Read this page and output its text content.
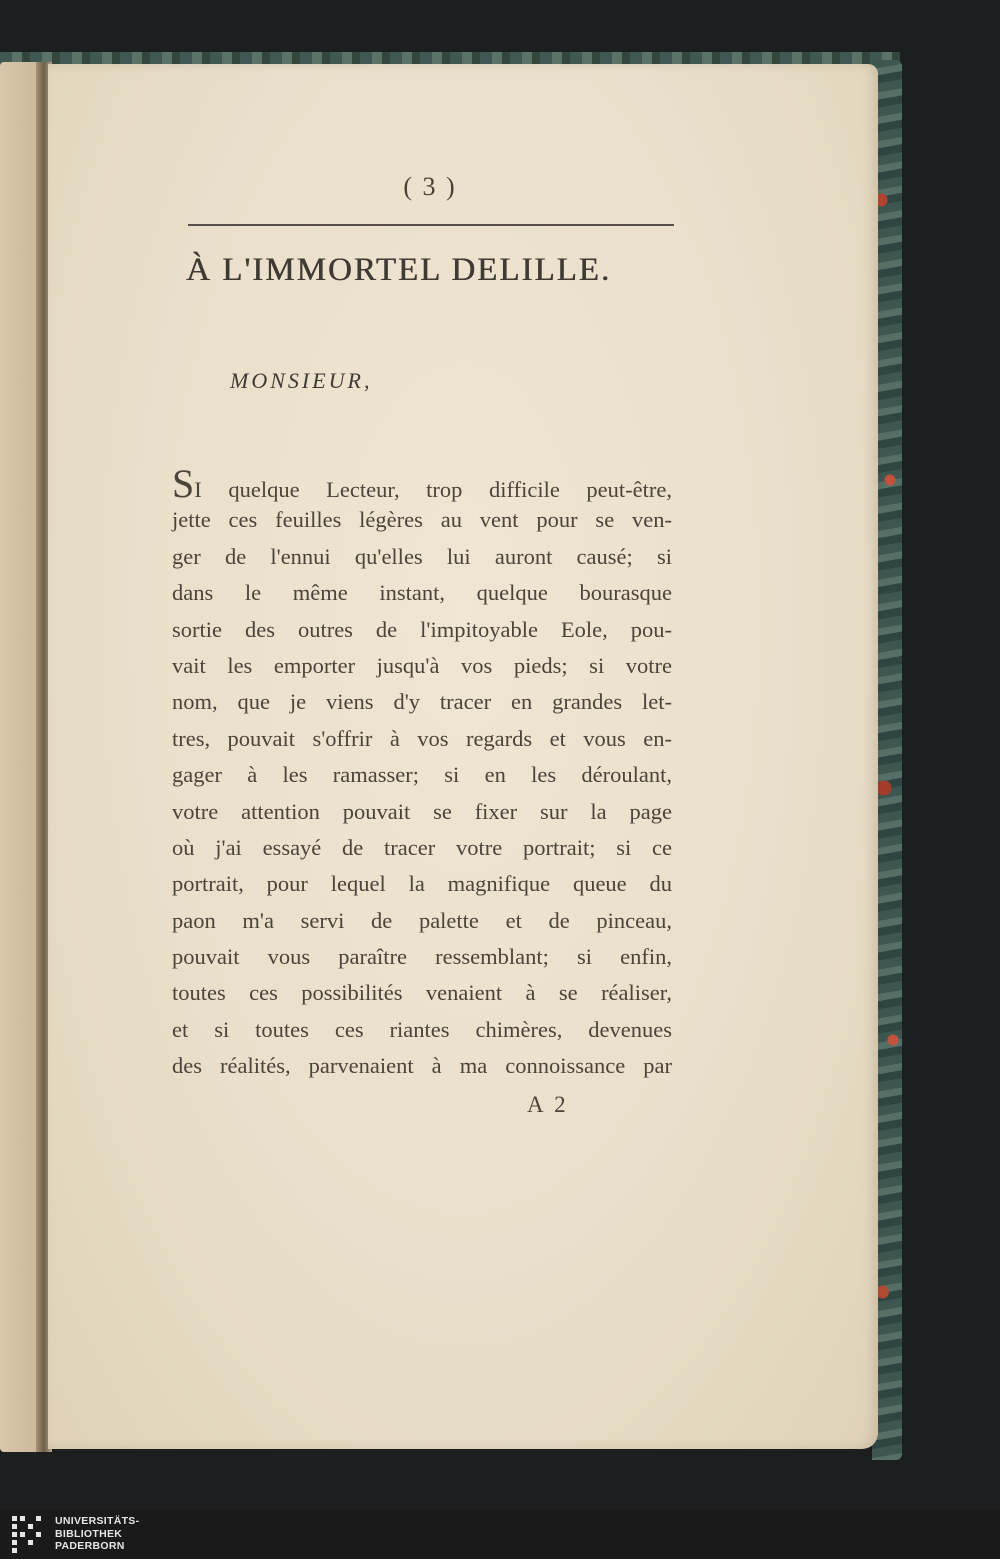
( 3 )
À L'IMMORTEL DELILLE.
MONSIEUR,
SI quelque Lecteur, trop difficile peut-être,
jette ces feuilles légères au vent pour se ven-
ger de l'ennui qu'elles lui auront causé; si
dans le même instant, quelque bourasque
sortie des outres de l'impitoyable Eole, pou-
vait les emporter jusqu'à vos pieds; si votre
nom, que je viens d'y tracer en grandes let-
tres, pouvait s'offrir à vos regards et vous en-
gager à les ramasser; si en les déroulant,
votre attention pouvait se fixer sur la page
où j'ai essayé de tracer votre portrait; si ce
portrait, pour lequel la magnifique queue du
paon m'a servi de palette et de pinceau,
pouvait vous paraître ressemblant; si enfin,
toutes ces possibilités venaient à se réaliser,
et si toutes ces riantes chimères, devenues
des réalités, parvenaient à ma connoissance par
A 2
UNIVERSITÄTS-
BIBLIOTHEK
PADERBORN
